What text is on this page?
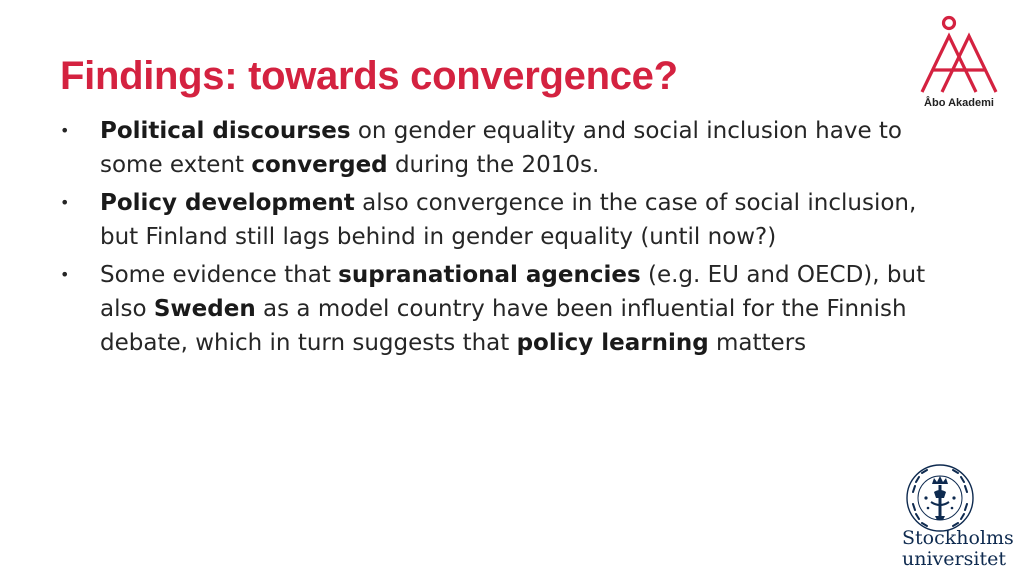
Findings: towards convergence?
•	Political discourses on gender equality and social inclusion have to some extent converged during the 2010s.
•	Policy development also convergence in the case of social inclusion, but Finland still lags behind in gender equality (until now?)
•	Some evidence that supranational agencies (e.g. EU and OECD), but also Sweden as a model country have been influential for the Finnish debate, which in turn suggests that policy learning matters
Åbo Akademi
Stockholms
universitet
